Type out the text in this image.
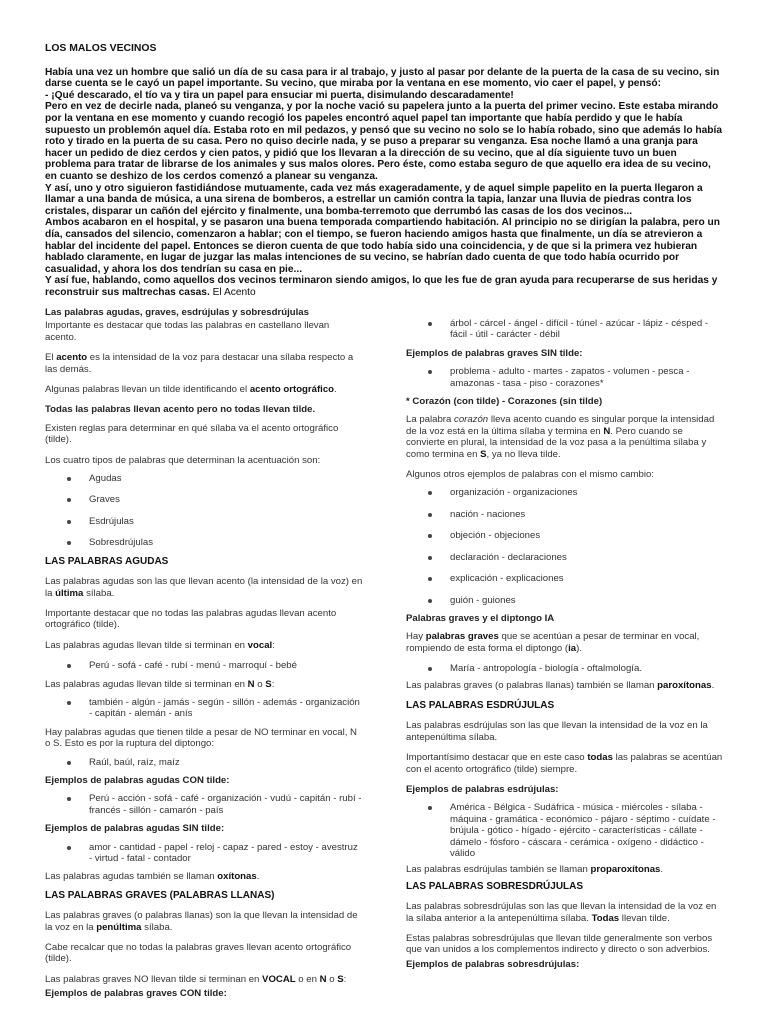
LOS MALOS VECINOS

Había una vez un hombre que salió un día de su casa para ir al trabajo, y justo al pasar por delante de la puerta de la casa de su vecino, sin darse cuenta se le cayó un papel importante. Su vecino, que miraba por la ventana en ese momento, vio caer el papel, y pensó:

- ¡Qué descarado, el tío va y tira un papel para ensuciar mi puerta, disimulando descaradamente!

Pero en vez de decirle nada, planeó su venganza, y por la noche vació su papelera junto a la puerta del primer vecino. Este estaba mirando por la ventana en ese momento y cuando recogió los papeles encontró aquel papel tan importante que había perdido y que le había supuesto un problemón aquel día. Estaba roto en mil pedazos, y pensó que su vecino no solo se lo había robado, sino que además lo había roto y tirado en la puerta de su casa. Pero no quiso decirle nada, y se puso a preparar su venganza. Esa noche llamó a una granja para hacer un pedido de diez cerdos y cien patos, y pidió que los llevaran a la dirección de su vecino, que al día siguiente tuvo un buen problema para tratar de librarse de los animales y sus malos olores. Pero éste, como estaba seguro de que aquello era idea de su vecino, en cuanto se deshizo de los cerdos comenzó a planear su venganza.

Y así, uno y otro siguieron fastidiándose mutuamente, cada vez más exageradamente, y de aquel simple papelito en la puerta llegaron a llamar a una banda de música, a una sirena de bomberos, a estrellar un camión contra la tapia, lanzar una lluvia de piedras contra los cristales, disparar un cañón del ejército y finalmente, una bomba-terremoto que derrumbó las casas de los dos vecinos...

Ambos acabaron en el hospital, y se pasaron una buena temporada compartiendo habitación. Al principio no se dirigían la palabra, pero un día, cansados del silencio, comenzaron a hablar; con el tiempo, se fueron haciendo amigos hasta que finalmente, un día se atrevieron a hablar del incidente del papel. Entonces se dieron cuenta de que todo había sido una coincidencia, y de que si la primera vez hubieran hablado claramente, en lugar de juzgar las malas intenciones de su vecino, se habrían dado cuenta de que todo había ocurrido por casualidad, y ahora los dos tendrían su casa en pie...

Y así fue, hablando, como aquellos dos vecinos terminaron siendo amigos, lo que les fue de gran ayuda para recuperarse de sus heridas y reconstruir sus maltrechas casas. El Acento

Las palabras agudas, graves, esdrújulas y sobresdrújulas

Importante es destacar que todas las palabras en castellano llevan acento.

El acento es la intensidad de la voz para destacar una sílaba respecto a las demás.

Algunas palabras llevan un tilde identificando el acento ortográfico.

Todas las palabras llevan acento pero no todas llevan tilde.

Existen reglas para determinar en qué sílaba va el acento ortográfico (tilde).

Los cuatro tipos de palabras que determinan la acentuación son:

Agudas
Graves
Esdrújulas
Sobresdrújulas
LAS PALABRAS AGUDAS

Las palabras agudas son las que llevan acento (la intensidad de la voz) en la última sílaba.

Importante destacar que no todas las palabras agudas llevan acento ortográfico (tilde).

Las palabras agudas llevan tilde si terminan en vocal:

Perú - sofá - café - rubí - menú - marroquí - bebé

Las palabras agudas llevan tilde si terminan en N o S:

también - algún - jamás - según - sillón - además - organización - capitán - alemán - anís

Hay palabras agudas que tienen tilde a pesar de NO terminar en vocal, N o S. Esto es por la ruptura del diptongo:

Raúl, baúl, raíz, maíz
Ejemplos de palabras agudas CON tilde:
Perú - acción - sofá - café - organización - vudú - capitán - rubí - francés - sillón - camarón - país
Ejemplos de palabras agudas SIN tilde:
amor - cantidad - papel - reloj - capaz - pared - estoy - avestruz - virtud - fatal - contador

Las palabras agudas también se llaman oxítonas.

LAS PALABRAS GRAVES (PALABRAS LLANAS)

Las palabras graves (o palabras llanas) son la que llevan la intensidad de la voz en la penúltima sílaba.

Cabe recalcar que no todas la palabras graves llevan acento ortográfico (tilde).

Las palabras graves NO llevan tilde si terminan en VOCAL o en N o S:

Ejemplos de palabras graves CON tilde:
árbol - cárcel - ángel - difícil - túnel - azúcar - lápiz - césped - fácil - útil - carácter - débil
Ejemplos de palabras graves SIN tilde:
problema - adulto - martes - zapatos - volumen - pesca - amazonas - tasa - piso - corazones*
* Corazón (con tilde) - Corazones (sin tilde)

La palabra corazón lleva acento cuando es singular porque la intensidad de la voz está en la última sílaba y termina en N. Pero cuando se convierte en plural, la intensidad de la voz pasa a la penúltima sílaba y como termina en S, ya no lleva tilde.

Algunos otros ejemplos de palabras con el mismo cambio:

organización - organizaciones
nación - naciones
objeción - objeciones
declaración - declaraciones
explicación - explicaciones
guión - guiones
Palabras graves y el diptongo IA

Hay palabras graves que se acentúan a pesar de terminar en vocal, rompiendo de esta forma el diptongo (ia).

María - antropología - biología - oftalmología.

Las palabras graves (o palabras llanas) también se llaman paroxítonas.

LAS PALABRAS ESDRÚJULAS

Las palabras esdrújulas son las que llevan la intensidad de la voz en la antepenúltima sílaba.

Importantísimo destacar que en este caso todas las palabras se acentúan con el acento ortográfico (tilde) siempre.

Ejemplos de palabras esdrújulas:
América - Bélgica - Sudáfrica - música - miércoles - sílaba - máquina - gramática - económico - pájaro - séptimo - cuídate - brújula - gótico - hígado - ejército - características - cállate - dámelo - fósforo - cáscara - cerámica - oxígeno - didáctico - válido

Las palabras esdrújulas también se llaman proparoxítonas.

LAS PALABRAS SOBRESDRÚJULAS

Las palabras sobresdrújulas son las que llevan la intensidad de la voz en la sílaba anterior a la antepenúltima sílaba. Todas llevan tilde.

Estas palabras sobresdrújulas que llevan tilde generalmente son verbos que van unidos a los complementos indirecto y directo o son adverbios.

Ejemplos de palabras sobresdrújulas:
